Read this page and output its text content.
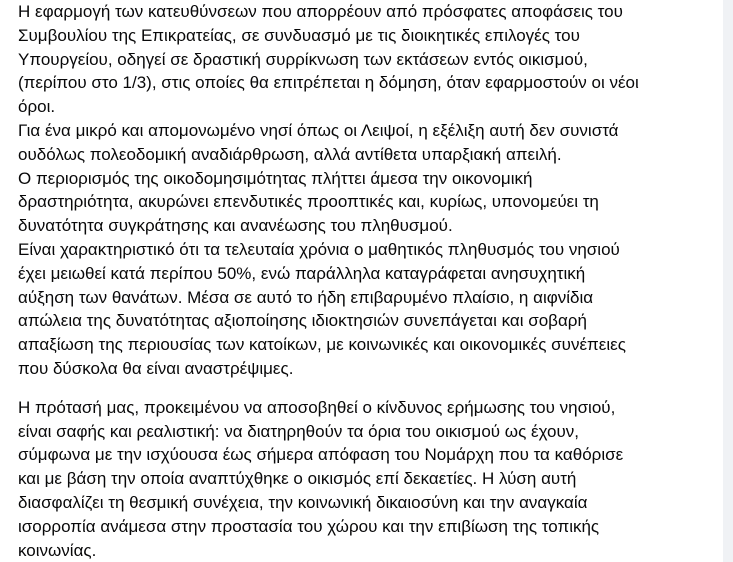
Η εφαρμογή των κατευθύνσεων που απορρέουν από πρόσφατες αποφάσεις του
Συμβουλίου της Επικρατείας, σε συνδυασμό με τις διοικητικές επιλογές του
Υπουργείου, οδηγεί σε δραστική συρρίκνωση των εκτάσεων εντός οικισμού,
(περίπου στο 1/3), στις οποίες θα επιτρέπεται η δόμηση, όταν εφαρμοστούν οι νέοι
όροι.
Για ένα μικρό και απομονωμένο νησί όπως οι Λειψοί, η εξέλιξη αυτή δεν συνιστά
ουδόλως πολεοδομική αναδιάρθρωση, αλλά αντίθετα υπαρξιακή απειλή.
Ο περιορισμός της οικοδομησιμότητας πλήττει άμεσα την οικονομική
δραστηριότητα, ακυρώνει επενδυτικές προοπτικές και, κυρίως, υπονομεύει τη
δυνατότητα συγκράτησης και ανανέωσης του πληθυσμού.
Είναι χαρακτηριστικό ότι τα τελευταία χρόνια ο μαθητικός πληθυσμός του νησιού
έχει μειωθεί κατά περίπου 50%, ενώ παράλληλα καταγράφεται ανησυχητική
αύξηση των θανάτων. Μέσα σε αυτό το ήδη επιβαρυμένο πλαίσιο, η αιφνίδια
απώλεια της δυνατότητας αξιοποίησης ιδιοκτησιών συνεπάγεται και σοβαρή
απαξίωση της περιουσίας των κατοίκων, με κοινωνικές και οικονομικές συνέπειες
που δύσκολα θα είναι αναστρέψιμες.

Η πρότασή μας, προκειμένου να αποσοβηθεί ο κίνδυνος ερήμωσης του νησιού,
είναι σαφής και ρεαλιστική: να διατηρηθούν τα όρια του οικισμού ως έχουν,
σύμφωνα με την ισχύουσα έως σήμερα απόφαση του Νομάρχη που τα καθόρισε
και με βάση την οποία αναπτύχθηκε ο οικισμός επί δεκαετίες. Η λύση αυτή
διασφαλίζει τη θεσμική συνέχεια, την κοινωνική δικαιοσύνη και την αναγκαία
ισορροπία ανάμεσα στην προστασία του χώρου και την επιβίωση της τοπικής
κοινωνίας.
